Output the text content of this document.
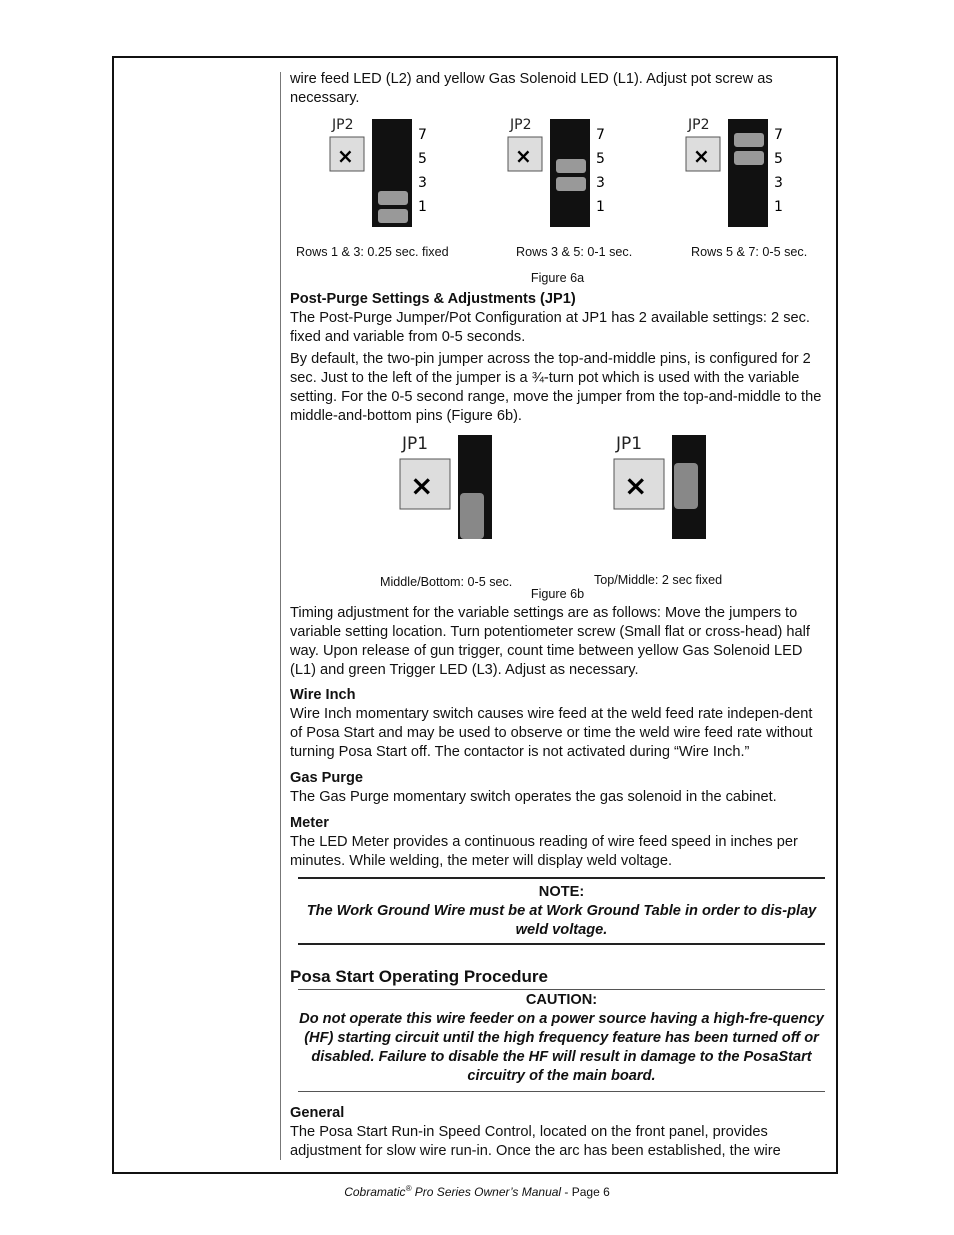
wire feed LED (L2) and yellow Gas Solenoid LED (L1). Adjust pot screw as necessary.

JP2
×
7
5
3
1
JP2
×
7
5
3
1
JP2
×
7
5
3
1
Rows 1 & 3: 0.25 sec. fixed	Rows 3 & 5: 0-1 sec.	Rows 5 & 7: 0-5 sec.
Figure 6a

Post-Purge Settings & Adjustments (JP1)

The Post-Purge Jumper/Pot Configuration at JP1 has 2 available settings: 2 sec. fixed and variable from 0-5 seconds.

By default, the two-pin jumper across the top-and-middle pins, is configured for 2 sec. Just to the left of the jumper is a ¾-turn pot which is used with the variable setting. For the 0-5 second range, move the jumper from the top-and-middle to the middle-and-bottom pins (Figure 6b).

JP1
×
JP1
×
Middle/Bottom: 0-5 sec.	Top/Middle: 2 sec fixed
Figure 6b

Timing adjustment for the variable settings are as follows: Move the jumpers to variable setting location. Turn potentiometer screw (Small flat or cross-head) half way. Upon release of gun trigger, count time between yellow Gas Solenoid LED (L1) and green Trigger LED (L3). Adjust as necessary.

Wire Inch

Wire Inch momentary switch causes wire feed at the weld feed rate indepen-dent of Posa Start and may be used to observe or time the weld wire feed rate without turning Posa Start off. The contactor is not activated during “Wire Inch.”

Gas Purge

The Gas Purge momentary switch operates the gas solenoid in the cabinet.

Meter

The LED Meter provides a continuous reading of wire feed speed in inches per minutes. While welding, the meter will display weld voltage.

NOTE:
The Work Ground Wire must be at Work Ground Table in order to dis-play weld voltage.
Posa Start Operating Procedure
CAUTION:
Do not operate this wire feeder on a power source having a high-fre-quency (HF) starting circuit until the high frequency feature has been turned off or disabled. Failure to disable the HF will result in damage to the PosaStart circuitry of the main board.

General

The Posa Start Run-in Speed Control, located on the front panel, provides adjustment for slow wire run-in. Once the arc has been established, the wire

Cobramatic® Pro Series Owner’s Manual - Page 6
